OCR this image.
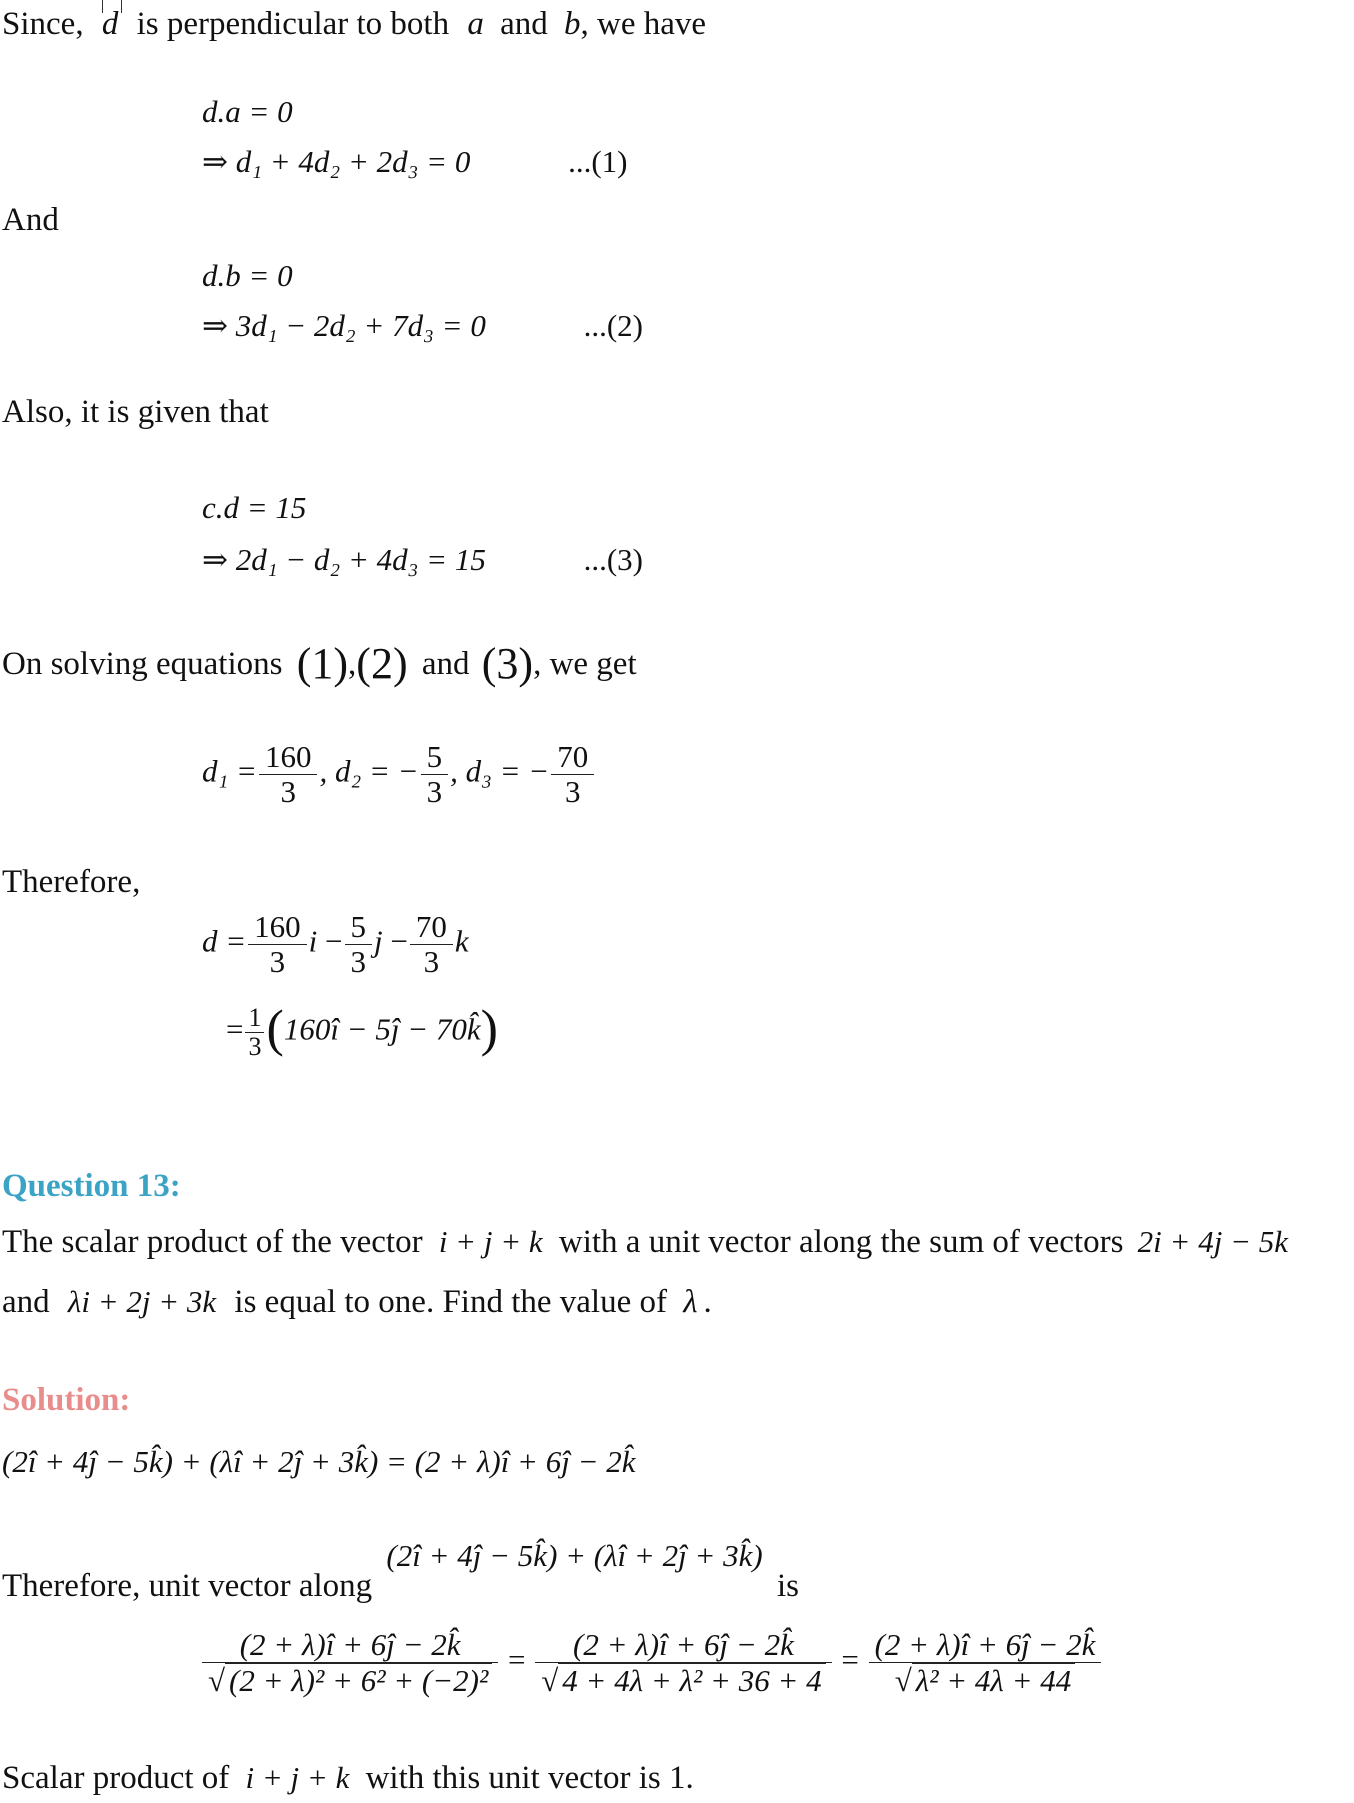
Since, d is perpendicular to both a and b, we have
d.a = 0
⇒ d₁ + 4d₂ + 2d₃ = 0	...(1)
And
d.b = 0
⇒ 3d₁ − 2d₂ + 7d₃ = 0	...(2)
Also, it is given that
c.d = 15
⇒ 2d₁ − d₂ + 4d₃ = 15	...(3)
On solving equations (1),(2) and (3), we get
$d_1 = \frac{160}{3}$ , d₂ = − $\frac{5}{3}$ , d₃ = − $\frac{70}{3}$
Therefore,
$d = \frac{160}{3}$ $i - \frac{5}{3}$ $j - \frac{70}{3}$ k
= $\frac{1}{3}$ (160î − 5ĵ − 70k̂)
Question 13:
The scalar product of the vector i + j + k with a unit vector along the sum of vectors 2i + 4j − 5k
and λi + 2j + 3k is equal to one. Find the value of λ .
Solution:
(2î + 4ĵ − 5k̂) + (λî + 2ĵ + 3k̂) = (2 + λ)î + 6ĵ − 2k̂
Therefore, unit vector along (2î + 4ĵ − 5k̂) + (λî + 2ĵ + 3k̂) is
$\frac{(2 + \lambda)î + 6ĵ - 2k̂}{\text{√ (2 + λ)² + 6² + (−2)²}} = \frac{(2 + \lambda)î + 6ĵ - 2k̂}{\text{√ 4 + 4λ + λ² + 36 + 4}} = \frac{(2 + \lambda)î + 6ĵ - 2k̂}{\text{√ λ² + 4λ + 44}}$
Scalar product of i + j + k with this unit vector is 1.
